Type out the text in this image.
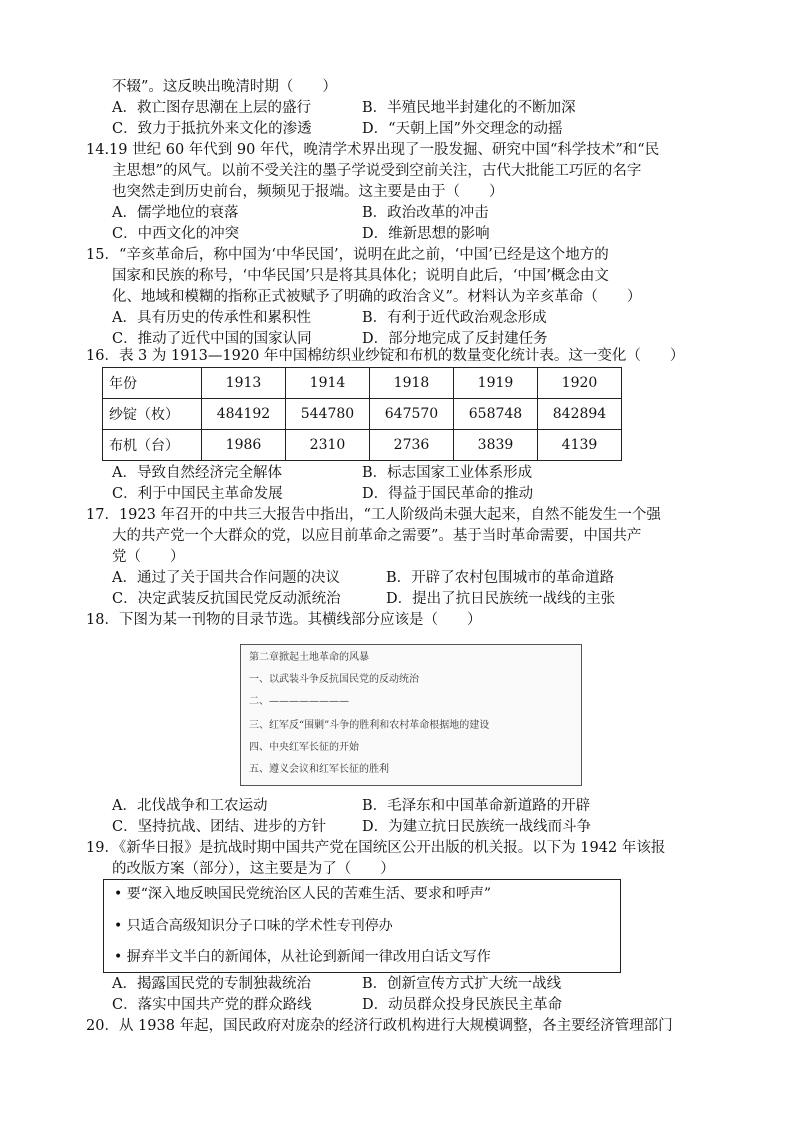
不辍”。这反映出晚清时期（　　）
A．救亡图存思潮在上层的盛行	B．半殖民地半封建化的不断加深
C．致力于抵抗外来文化的渗透	D．“天朝上国”外交理念的动摇
14.19 世纪 60 年代到 90 年代，晚清学术界出现了一股发掘、研究中国“科学技术”和“民
主思想”的风气。以前不受关注的墨子学说受到空前关注，古代大批能工巧匠的名字
也突然走到历史前台，频频见于报端。这主要是由于（　　）
A．儒学地位的衰落	B．政治改革的冲击
C．中西文化的冲突	D．维新思想的影响
15．“辛亥革命后，称中国为‘中华民国’，说明在此之前，‘中国’已经是这个地方的
国家和民族的称号，‘中华民国’只是将其具体化；说明自此后，‘中国’概念由文
化、地域和模糊的指称正式被赋予了明确的政治含义”。材料认为辛亥革命（　　）
A．具有历史的传承性和累积性	B．有利于近代政治观念形成
C．推动了近代中国的国家认同	D．部分地完成了反封建任务
16．表 3 为 1913—1920 年中国棉纺织业纱锭和布机的数量变化统计表。这一变化（　　）
年份	1913	1914	1918	1919	1920
纱锭（枚）	484192	544780	647570	658748	842894
布机（台）	1986	2310	2736	3839	4139
A．导致自然经济完全解体	B．标志国家工业体系形成
C．利于中国民主革命发展	D．得益于国民革命的推动
17．1923 年召开的中共三大报告中指出，“工人阶级尚未强大起来，自然不能发生一个强
大的共产党一个大群众的党，以应目前革命之需要”。基于当时革命需要，中国共产
党（　　）
A．通过了关于国共合作问题的决议	B．开辟了农村包围城市的革命道路
C．决定武装反抗国民党反动派统治	D．提出了抗日民族统一战线的主张
18．下图为某一刊物的目录节选。其横线部分应该是（　　）
第二章掀起土地革命的风暴
一、以武装斗争反抗国民党的反动统治
二、————————
三、红军反“围剿”斗争的胜利和农村革命根据地的建设
四、中央红军长征的开始
五、遵义会议和红军长征的胜利
A．北伐战争和工农运动	B．毛泽东和中国革命新道路的开辟
C．坚持抗战、团结、进步的方针 D．为建立抗日民族统一战线而斗争
19．《新华日报》是抗战时期中国共产党在国统区公开出版的机关报。以下为 1942 年该报
的改版方案（部分），这主要是为了（　　）
• 要“深入地反映国民党统治区人民的苦难生活、要求和呼声”
• 只适合高级知识分子口味的学术性专刊停办
• 摒弃半文半白的新闻体，从社论到新闻一律改用白话文写作
A．揭露国民党的专制独裁统治	B．创新宣传方式扩大统一战线
C．落实中国共产党的群众路线	D．动员群众投身民族民主革命
20．从 1938 年起，国民政府对庞杂的经济行政机构进行大规模调整，各主要经济管理部门
